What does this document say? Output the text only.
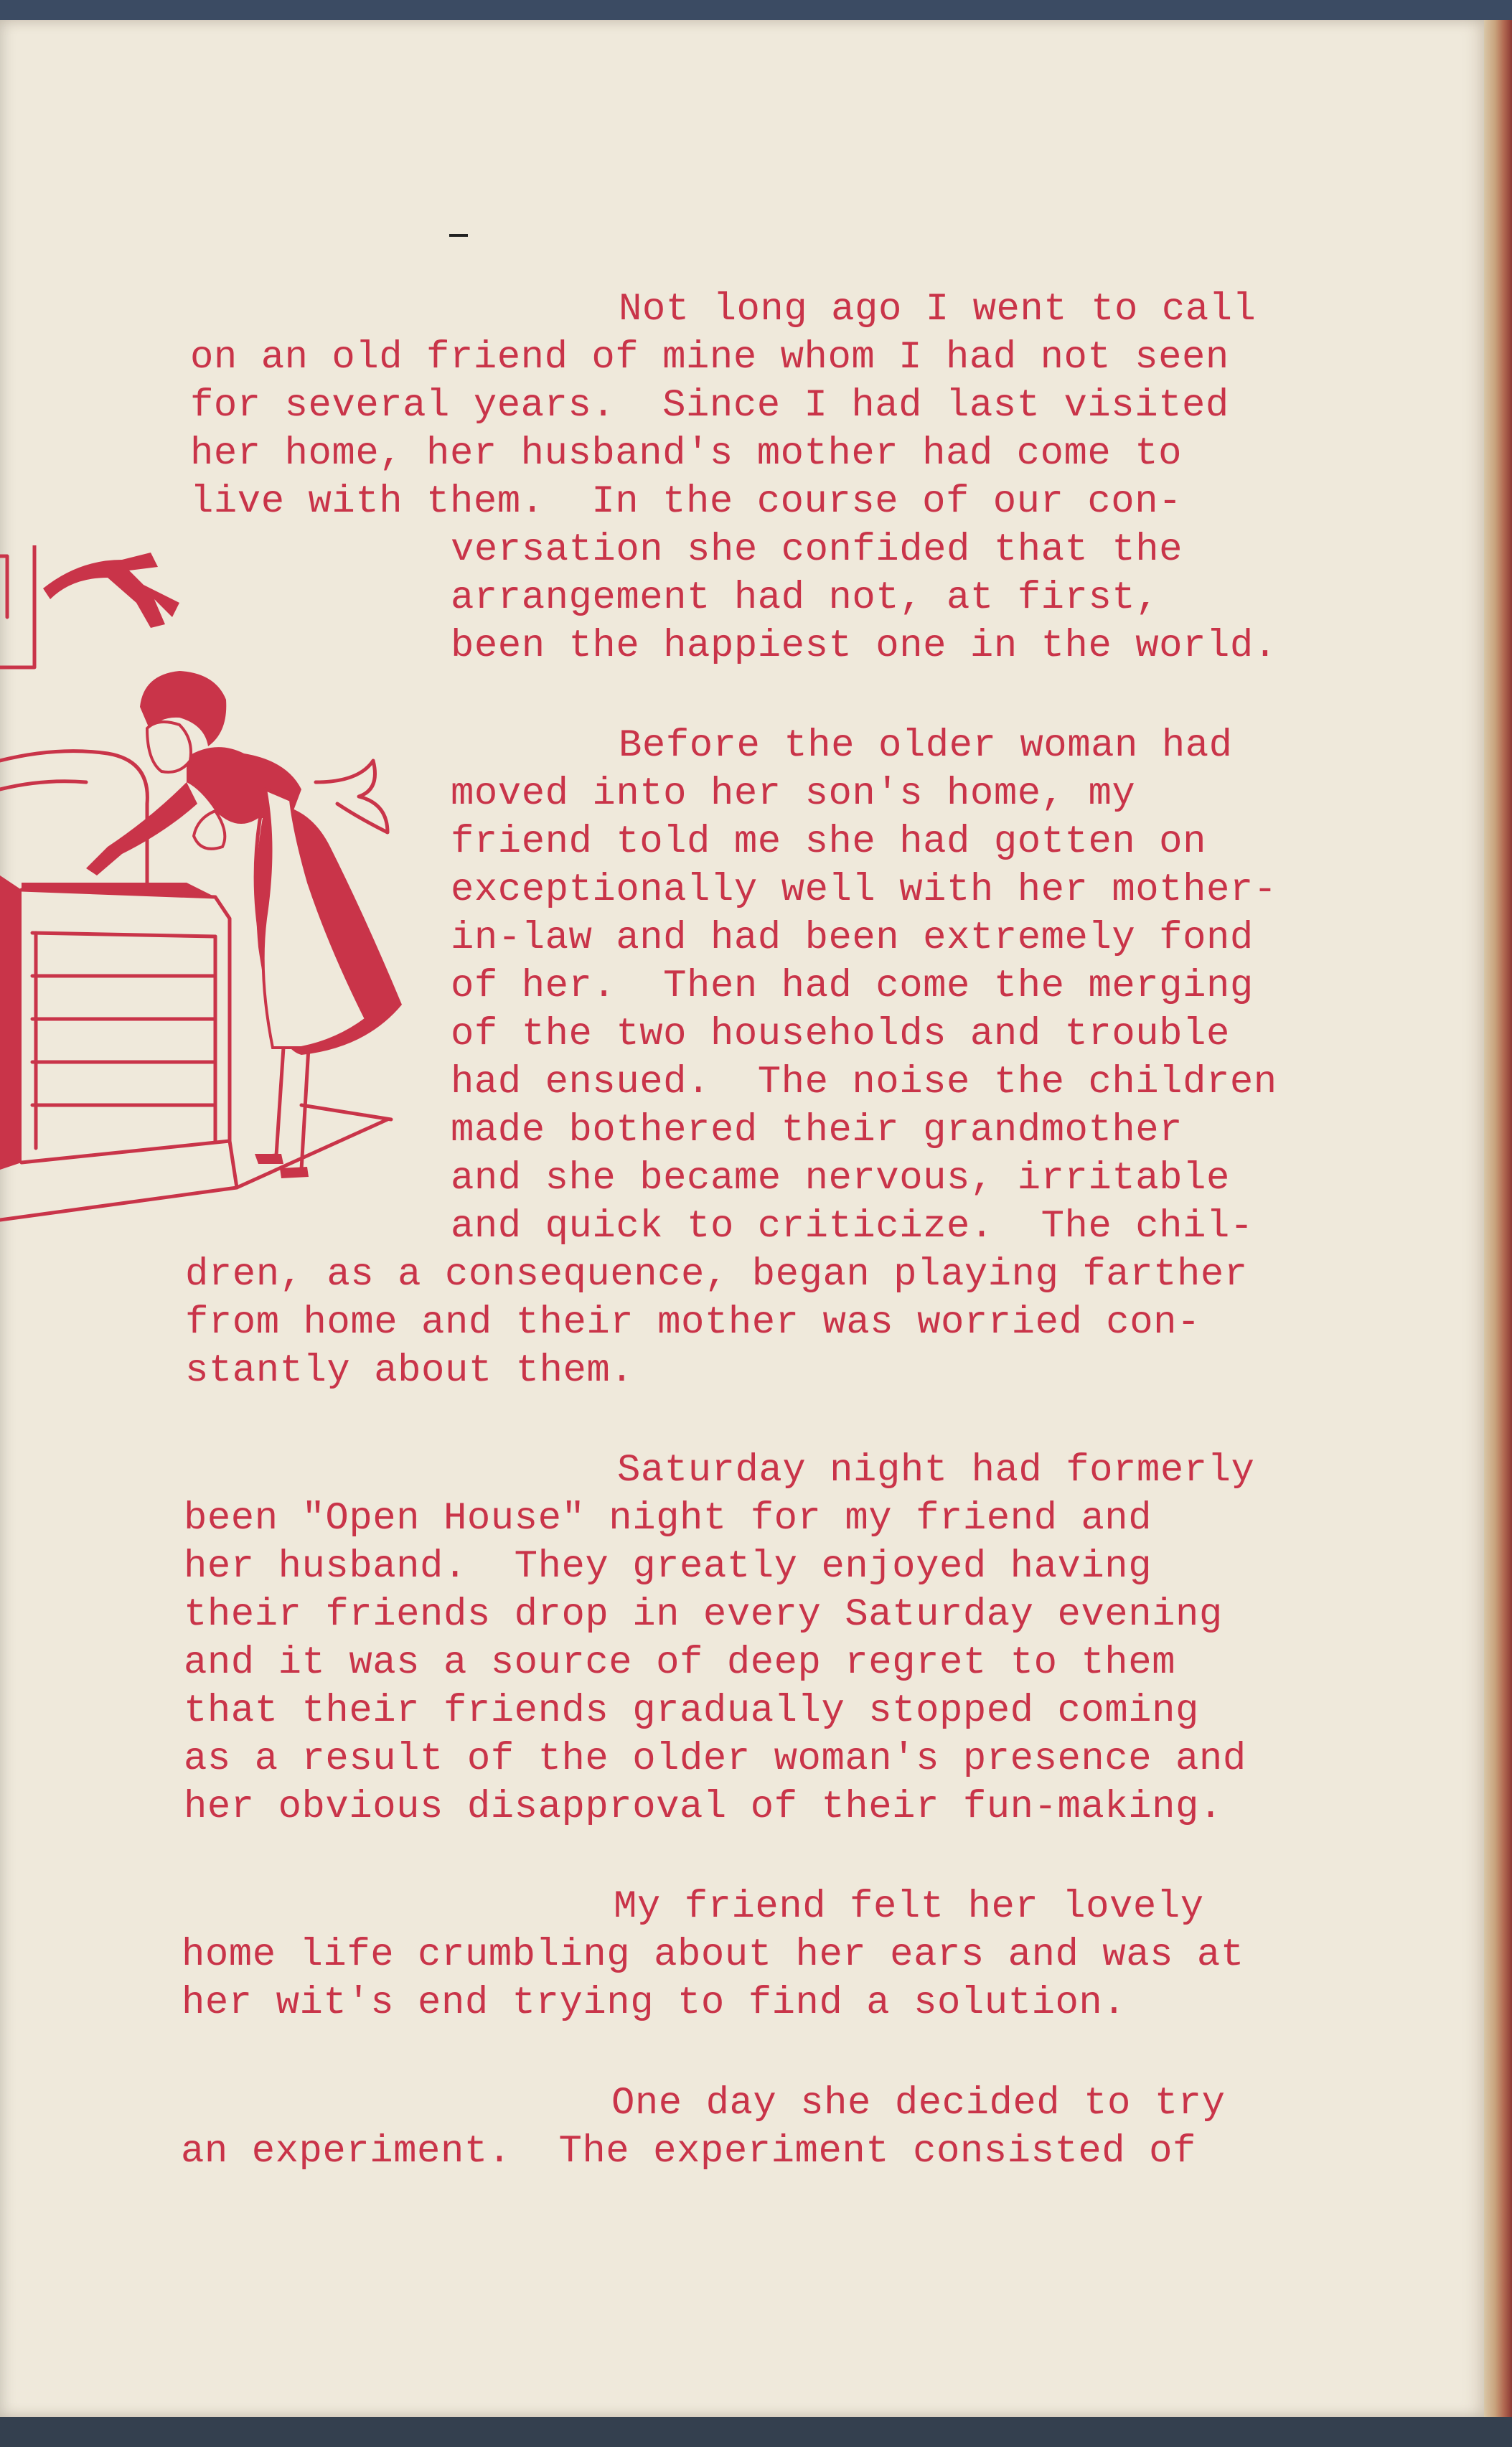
Not long ago I went to call

on an old friend of mine whom I had not seen

for several years.  Since I had last visited

her home, her husband's mother had come to

live with them.  In the course of our con-

versation she confided that the

arrangement had not, at first,

been the happiest one in the world.

Before the older woman had

moved into her son's home, my

friend told me she had gotten on

exceptionally well with her mother-

in-law and had been extremely fond

of her.  Then had come the merging

of the two households and trouble

had ensued.  The noise the children

made bothered their grandmother

and she became nervous, irritable

and quick to criticize.  The chil-

dren, as a consequence, began playing farther

from home and their mother was worried con-

stantly about them.

Saturday night had formerly

been "Open House" night for my friend and

her husband.  They greatly enjoyed having

their friends drop in every Saturday evening

and it was a source of deep regret to them

that their friends gradually stopped coming

as a result of the older woman's presence and

her obvious disapproval of their fun-making.

My friend felt her lovely

home life crumbling about her ears and was at

her wit's end trying to find a solution.

One day she decided to try

an experiment.  The experiment consisted of
